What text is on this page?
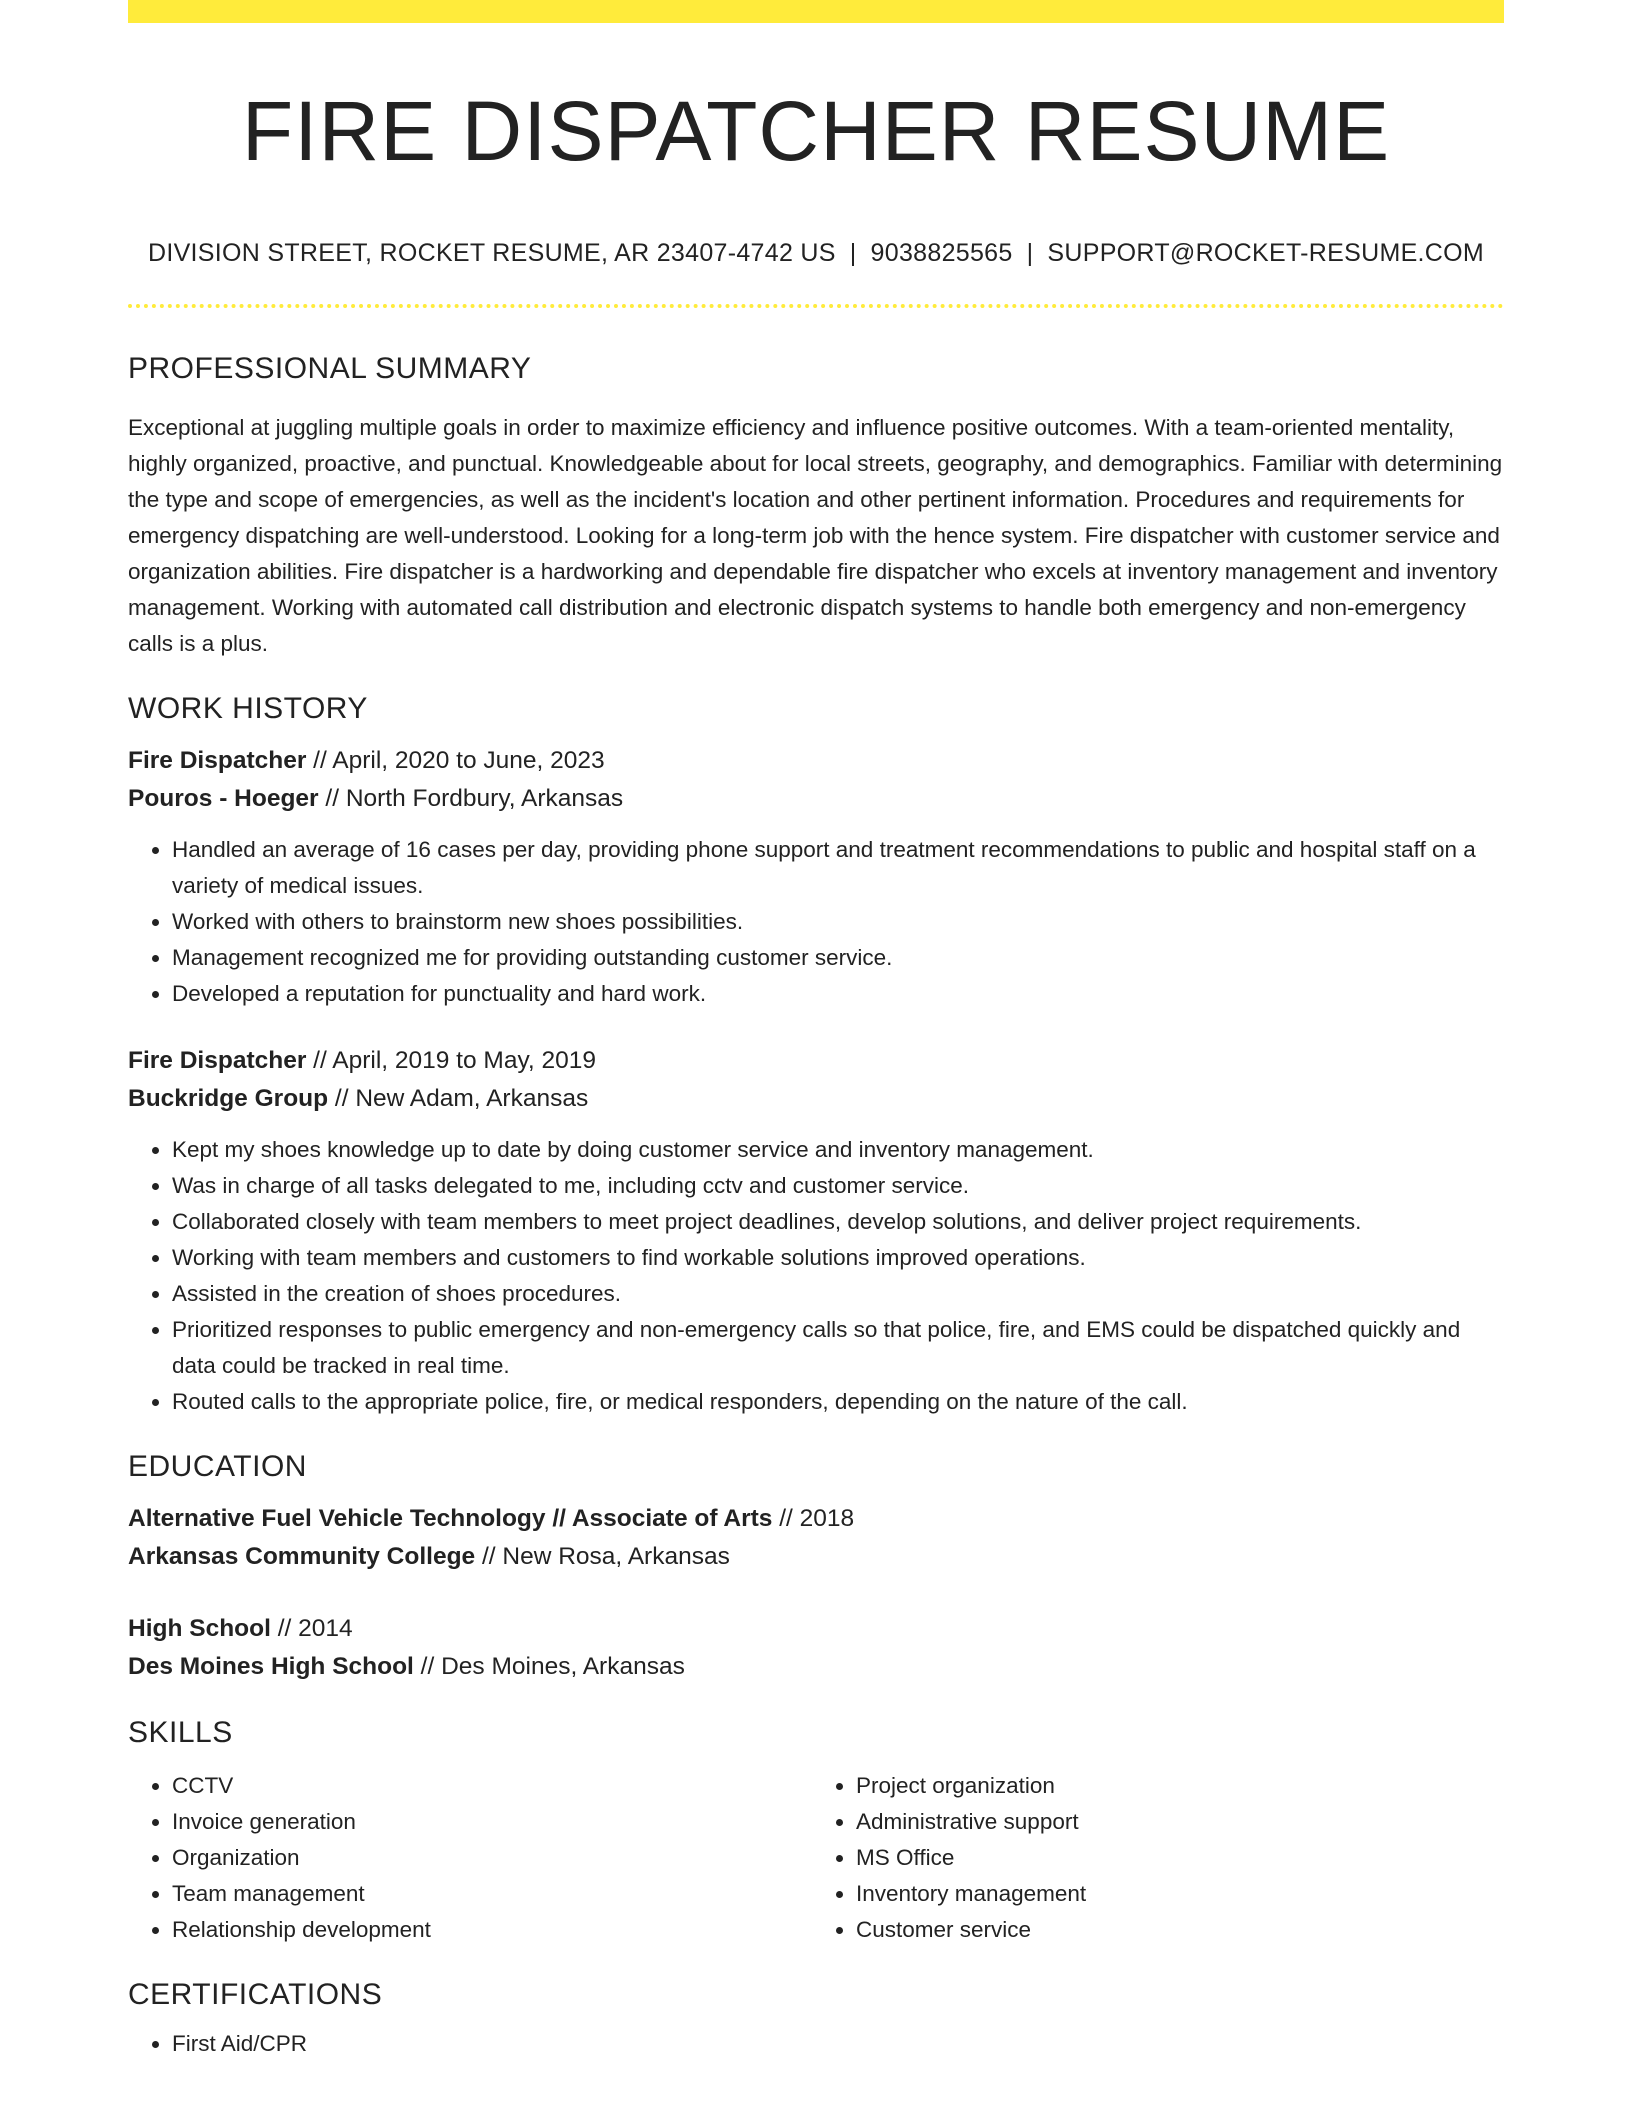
FIRE DISPATCHER RESUME
DIVISION STREET, ROCKET RESUME, AR 23407-4742 US | 9038825565 | SUPPORT@ROCKET-RESUME.COM
PROFESSIONAL SUMMARY
Exceptional at juggling multiple goals in order to maximize efficiency and influence positive outcomes. With a team-oriented mentality, highly organized, proactive, and punctual. Knowledgeable about for local streets, geography, and demographics. Familiar with determining the type and scope of emergencies, as well as the incident's location and other pertinent information. Procedures and requirements for emergency dispatching are well-understood. Looking for a long-term job with the hence system. Fire dispatcher with customer service and organization abilities. Fire dispatcher is a hardworking and dependable fire dispatcher who excels at inventory management and inventory management. Working with automated call distribution and electronic dispatch systems to handle both emergency and non-emergency calls is a plus.
WORK HISTORY
Fire Dispatcher // April, 2020 to June, 2023
Pouros - Hoeger // North Fordbury, Arkansas
• Handled an average of 16 cases per day, providing phone support and treatment recommendations to public and hospital staff on a variety of medical issues.
• Worked with others to brainstorm new shoes possibilities.
• Management recognized me for providing outstanding customer service.
• Developed a reputation for punctuality and hard work.
Fire Dispatcher // April, 2019 to May, 2019
Buckridge Group // New Adam, Arkansas
• Kept my shoes knowledge up to date by doing customer service and inventory management.
• Was in charge of all tasks delegated to me, including cctv and customer service.
• Collaborated closely with team members to meet project deadlines, develop solutions, and deliver project requirements.
• Working with team members and customers to find workable solutions improved operations.
• Assisted in the creation of shoes procedures.
• Prioritized responses to public emergency and non-emergency calls so that police, fire, and EMS could be dispatched quickly and data could be tracked in real time.
• Routed calls to the appropriate police, fire, or medical responders, depending on the nature of the call.
EDUCATION
Alternative Fuel Vehicle Technology // Associate of Arts // 2018
Arkansas Community College // New Rosa, Arkansas
High School // 2014
Des Moines High School // Des Moines, Arkansas
SKILLS
• CCTV
• Invoice generation
• Organization
• Team management
• Relationship development
• Project organization
• Administrative support
• MS Office
• Inventory management
• Customer service
CERTIFICATIONS
• First Aid/CPR
